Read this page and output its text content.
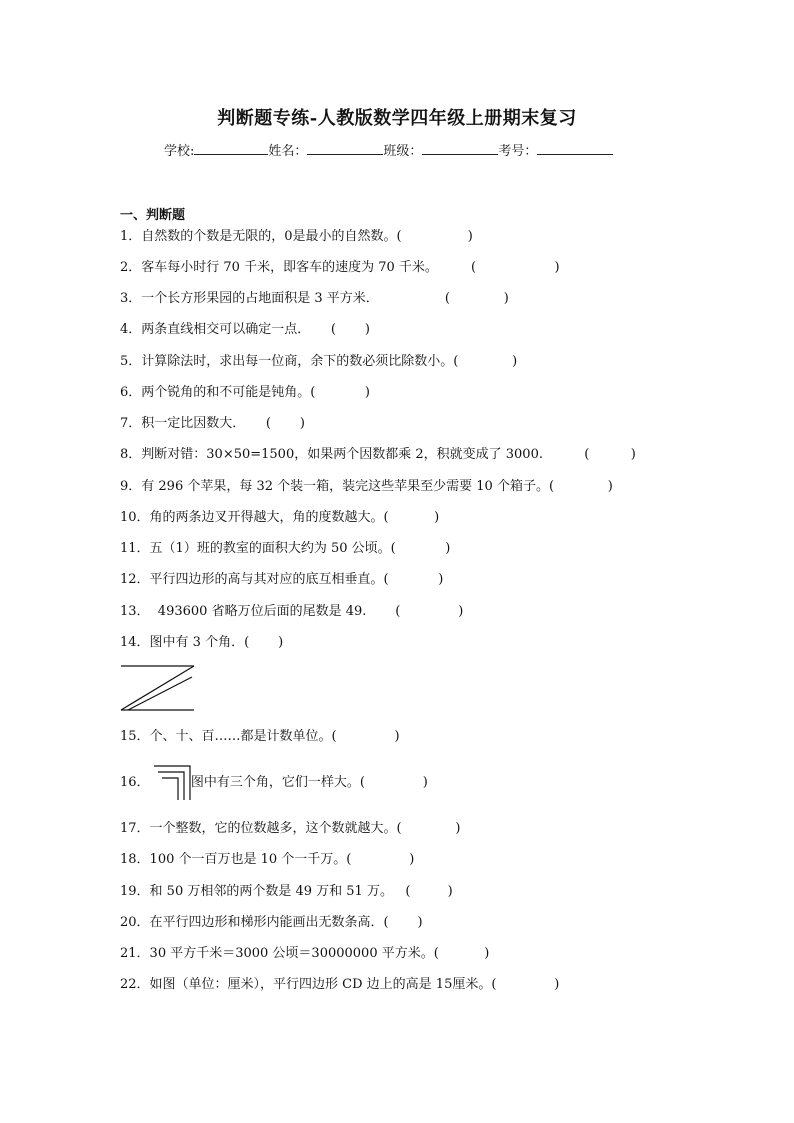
判断题专练-人教版数学四年级上册期末复习
学校:	姓名：	班级：	考号：
一、判断题
1．自然数的个数是无限的，0是最小的自然数。(                )
2．客车每小时行 70 千米，即客车的速度为 70 千米。        (                   )
3．一个长方形果园的占地面积是 3 平方米．                (             )
4．两条直线相交可以确定一点．     (       )
5．计算除法时，求出每一位商，余下的数必须比除数小。(             )
6．两个锐角的和不可能是钝角。(            )
7．积一定比因数大．     (       )
8．判断对错：30×50=1500，如果两个因数都乘 2，积就变成了 3000.          (          )
9．有 296 个苹果，每 32 个装一箱，装完这些苹果至少需要 10 个箱子。(             )
10．角的两条边叉开得越大，角的度数越大。(           )
11．五（1）班的教室的面积大约为 50 公顷。(            )
12．平行四边形的高与其对应的底互相垂直。(            )
13．  493600 省略万位后面的尾数是 49.       (              )
14．图中有 3 个角．(       )
15．个、十、百……都是计数单位。(              )
16．          图中有三个角，它们一样大。(              )
17．一个整数，它的位数越多，这个数就越大。(             )
18．100 个一百万也是 10 个一千万。(              )
19．和 50 万相邻的两个数是 49 万和 51 万。   (         )
20．在平行四边形和梯形内能画出无数条高．(       )
21．30 平方千米＝3000 公顷＝30000000 平方米。(           )
22．如图（单位：厘米），平行四边形 CD 边上的高是 15厘米。(              )
